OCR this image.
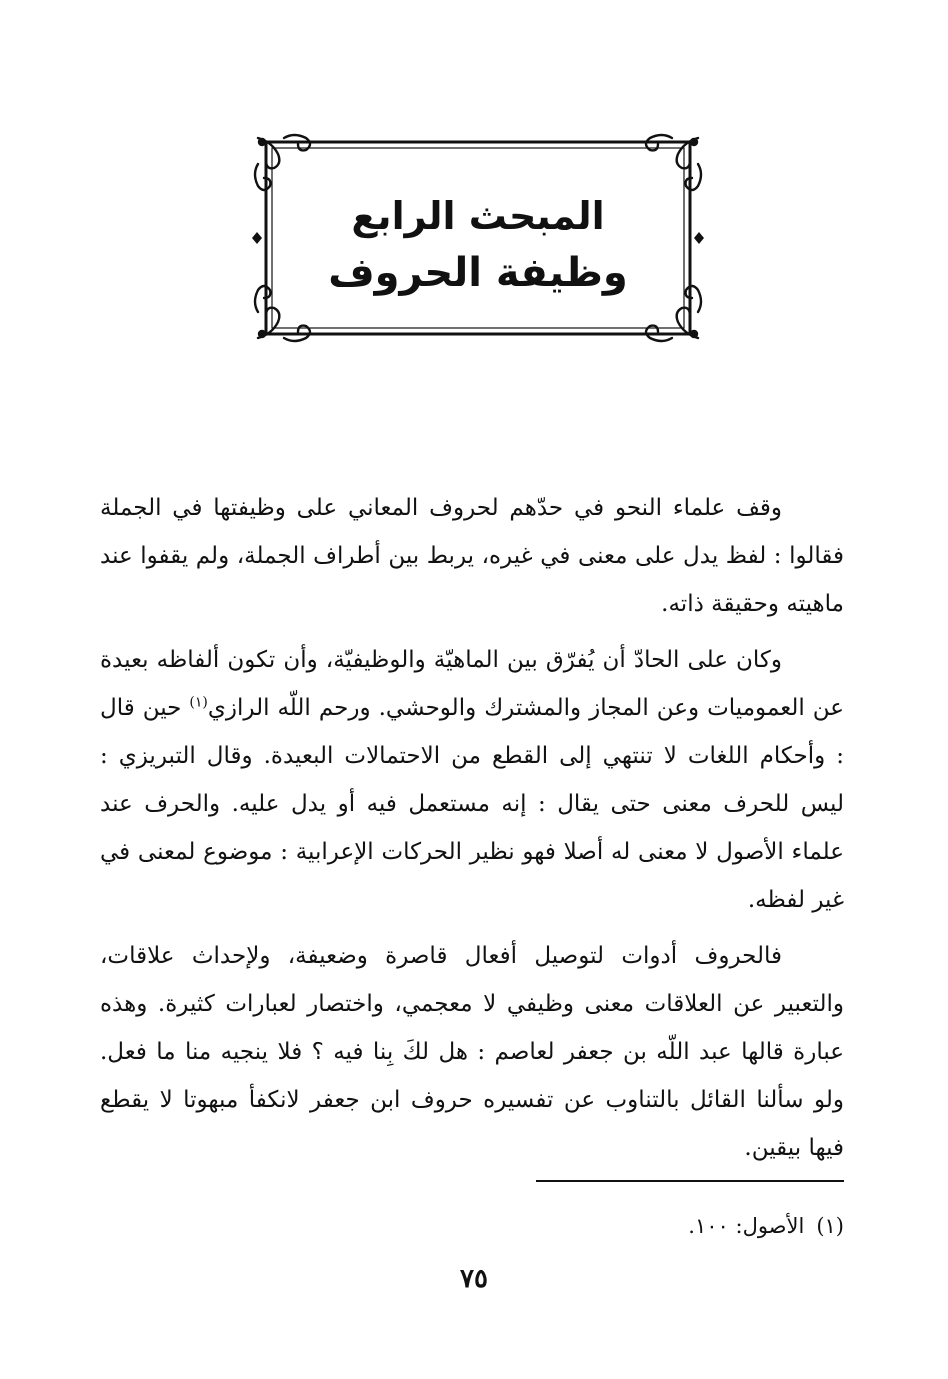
المبحث الرابع
وظيفة الحروف

وقف علماء النحو في حدّهم لحروف المعاني على وظيفتها في الجملة فقالوا : لفظ يدل على معنى في غيره، يربط بين أطراف الجملة، ولم يقفوا عند ماهيته وحقيقة ذاته.

وكان على الحادّ أن يُفرّق بين الماهيّة والوظيفيّة، وأن تكون ألفاظه بعيدة عن العموميات وعن المجاز والمشترك والوحشي. ورحم اللّه الرازي$^{(١)}$ حين قال : وأحكام اللغات لا تنتهي إلى القطع من الاحتمالات البعيدة. وقال التبريزي : ليس للحرف معنى حتى يقال : إنه مستعمل فيه أو يدل عليه. والحرف عند علماء الأصول لا معنى له أصلا فهو نظير الحركات الإعرابية : موضوع لمعنى في غير لفظه.

فالحروف أدوات لتوصيل أفعال قاصرة وضعيفة، ولإحداث علاقات، والتعبير عن العلاقات معنى وظيفي لا معجمي، واختصار لعبارات كثيرة. وهذه عبارة قالها عبد اللّه بن جعفر لعاصم : هل لكَ بِنا فيه ؟ فلا ينجيه منا ما فعل. ولو سألنا القائل بالتناوب عن تفسيره حروف ابن جعفر لانكفأ مبهوتا لا يقطع فيها بيقين.

(١)الأصول: ١٠٠.
٧٥
